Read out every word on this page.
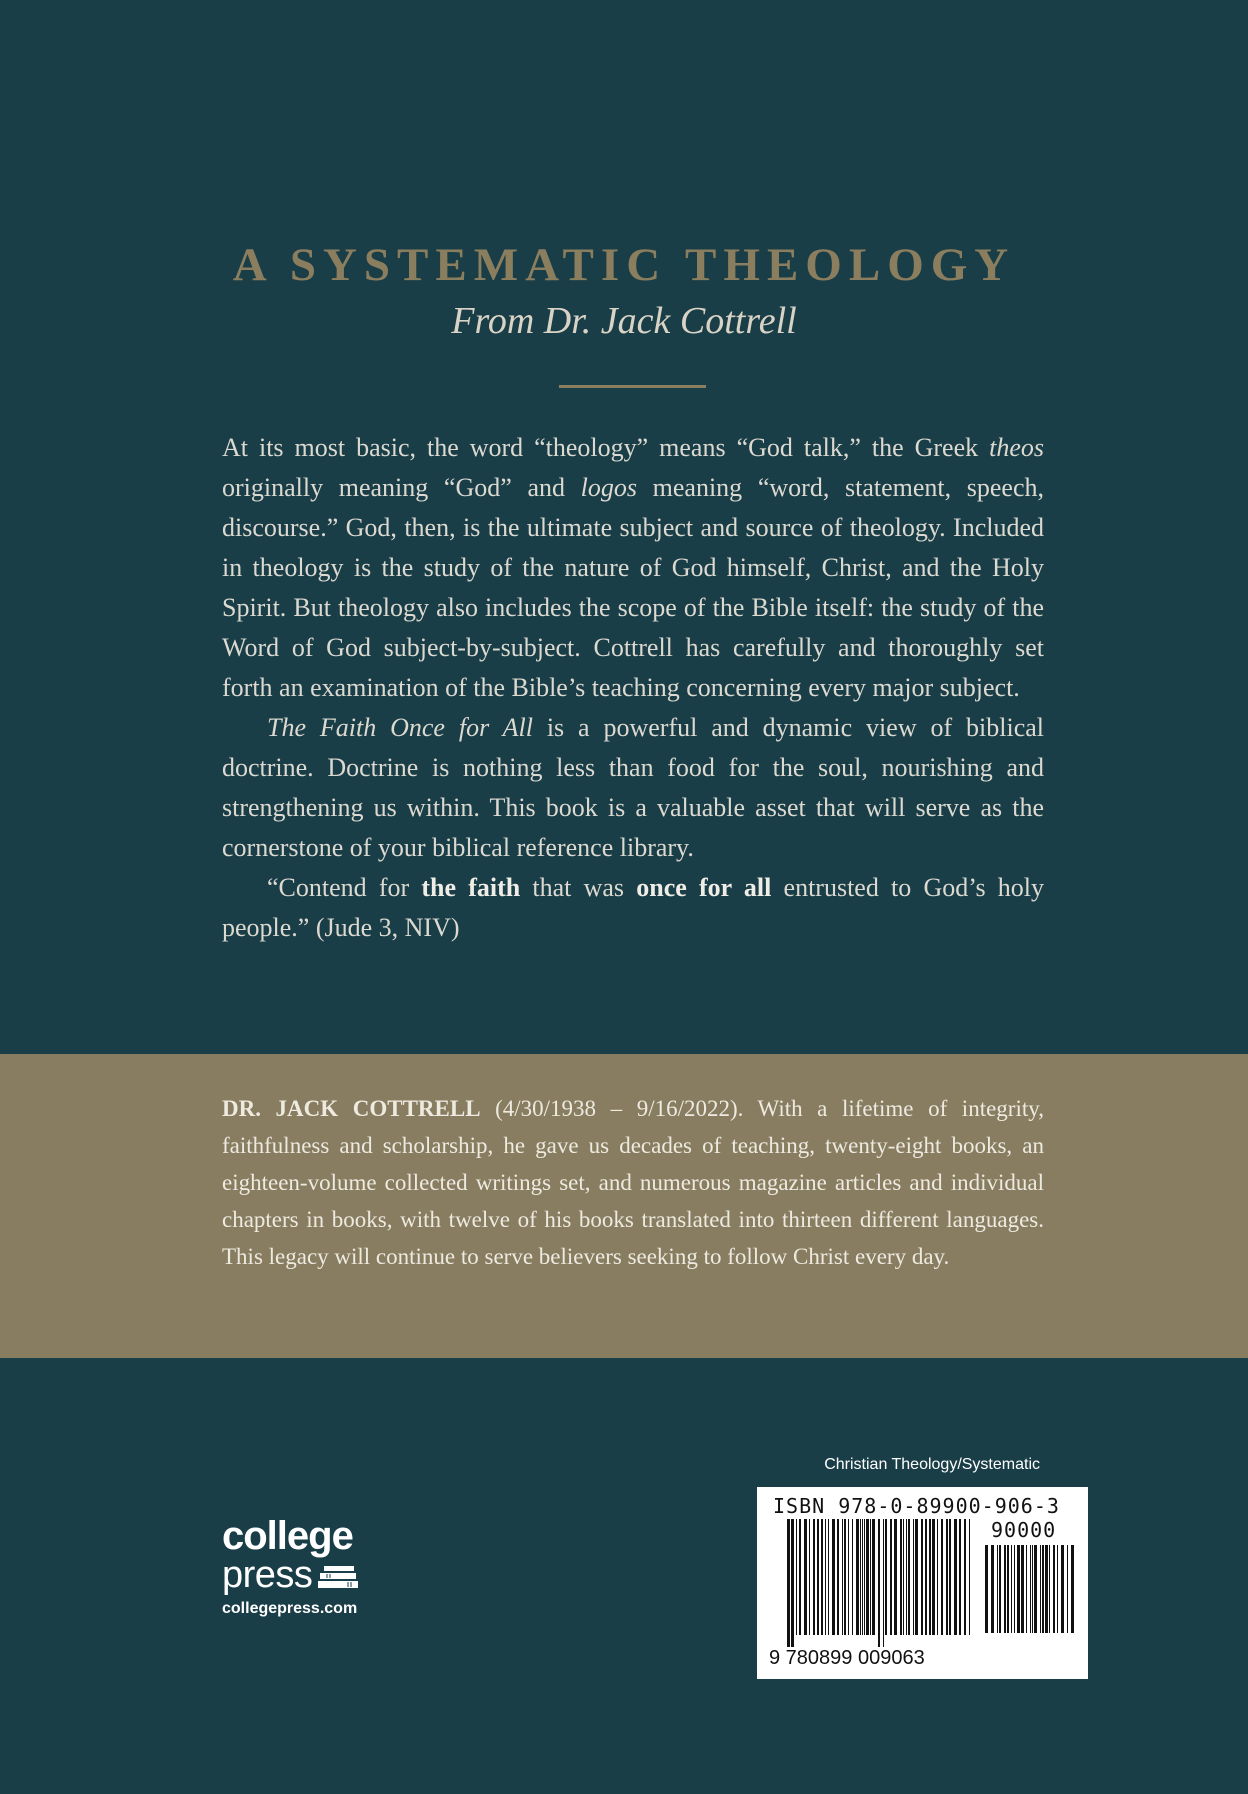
A SYSTEMATIC THEOLOGY

From Dr. Jack Cottrell

At its most basic, the word “theology” means “God talk,” the Greek theos originally meaning “God” and logos meaning “word, statement, speech, discourse.” God, then, is the ultimate subject and source of theology. Included in theology is the study of the nature of God himself, Christ, and the Holy Spirit. But theology also includes the scope of the Bible itself: the study of the Word of God subject-by-subject. Cottrell has carefully and thoroughly set forth an examination of the Bible’s teaching concerning every major subject.

The Faith Once for All is a powerful and dynamic view of biblical doctrine. Doctrine is nothing less than food for the soul, nourishing and strengthening us within. This book is a valuable asset that will serve as the cornerstone of your biblical reference library.

“Contend for the faith that was once for all entrusted to God’s holy people.” (Jude 3, NIV)

DR. JACK COTTRELL (4/30/1938 – 9/16/2022). With a lifetime of integrity, faithfulness and scholarship, he gave us decades of teaching, twenty-eight books, an eighteen-volume collected writings set, and numerous magazine articles and individual chapters in books, with twelve of his books translated into thirteen different languages. This legacy will continue to serve believers seeking to follow Christ every day.

college
press
collegepress.com
Christian Theology/Systematic
ISBN 978-0-89900-906-3
90000
9 780899 009063
